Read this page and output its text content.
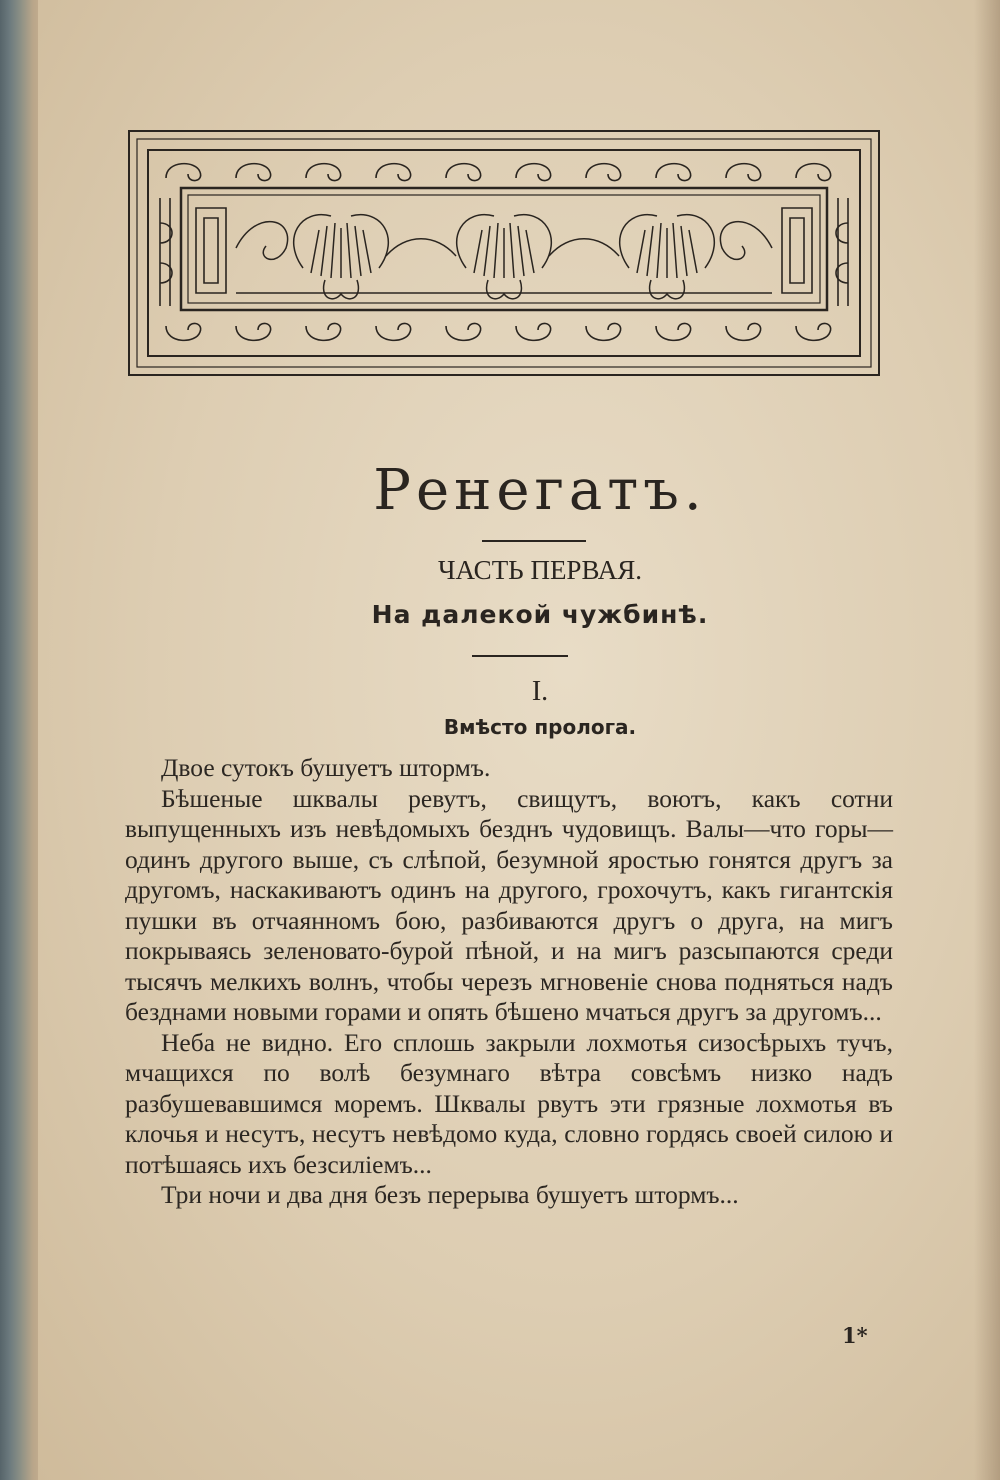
Ренегатъ.
ЧАСТЬ ПЕРВАЯ.
На далекой чужбинѣ.
I.
Вмѣсто пролога.

Двое сутокъ бушуетъ штормъ.

Бѣшеные шквалы ревутъ, свищутъ, воютъ, какъ сотни выпущенныхъ изъ невѣдомыхъ безднъ чудовищъ. Валы—что горы—одинъ другого выше, съ слѣпой, безумной яростью гонятся другъ за другомъ, наскакиваютъ одинъ на другого, грохочутъ, какъ гигантскія пушки въ отчаянномъ бою, разбиваются другъ о друга, на мигъ покрываясь зеленовато-бурой пѣной, и на мигъ разсыпаются среди тысячъ мелкихъ волнъ, чтобы черезъ мгновеніе снова подняться надъ безднами новыми горами и опять бѣшено мчаться другъ за другомъ...

Неба не видно. Его сплошь закрыли лохмотья сизосѣрыхъ тучъ, мчащихся по волѣ безумнаго вѣтра совсѣмъ низко надъ разбушевавшимся моремъ. Шквалы рвутъ эти грязные лохмотья въ клочья и несутъ, несутъ невѣдомо куда, словно гордясь своей силою и потѣшаясь ихъ безсиліемъ...

Три ночи и два дня безъ перерыва бушуетъ штормъ...

1*
